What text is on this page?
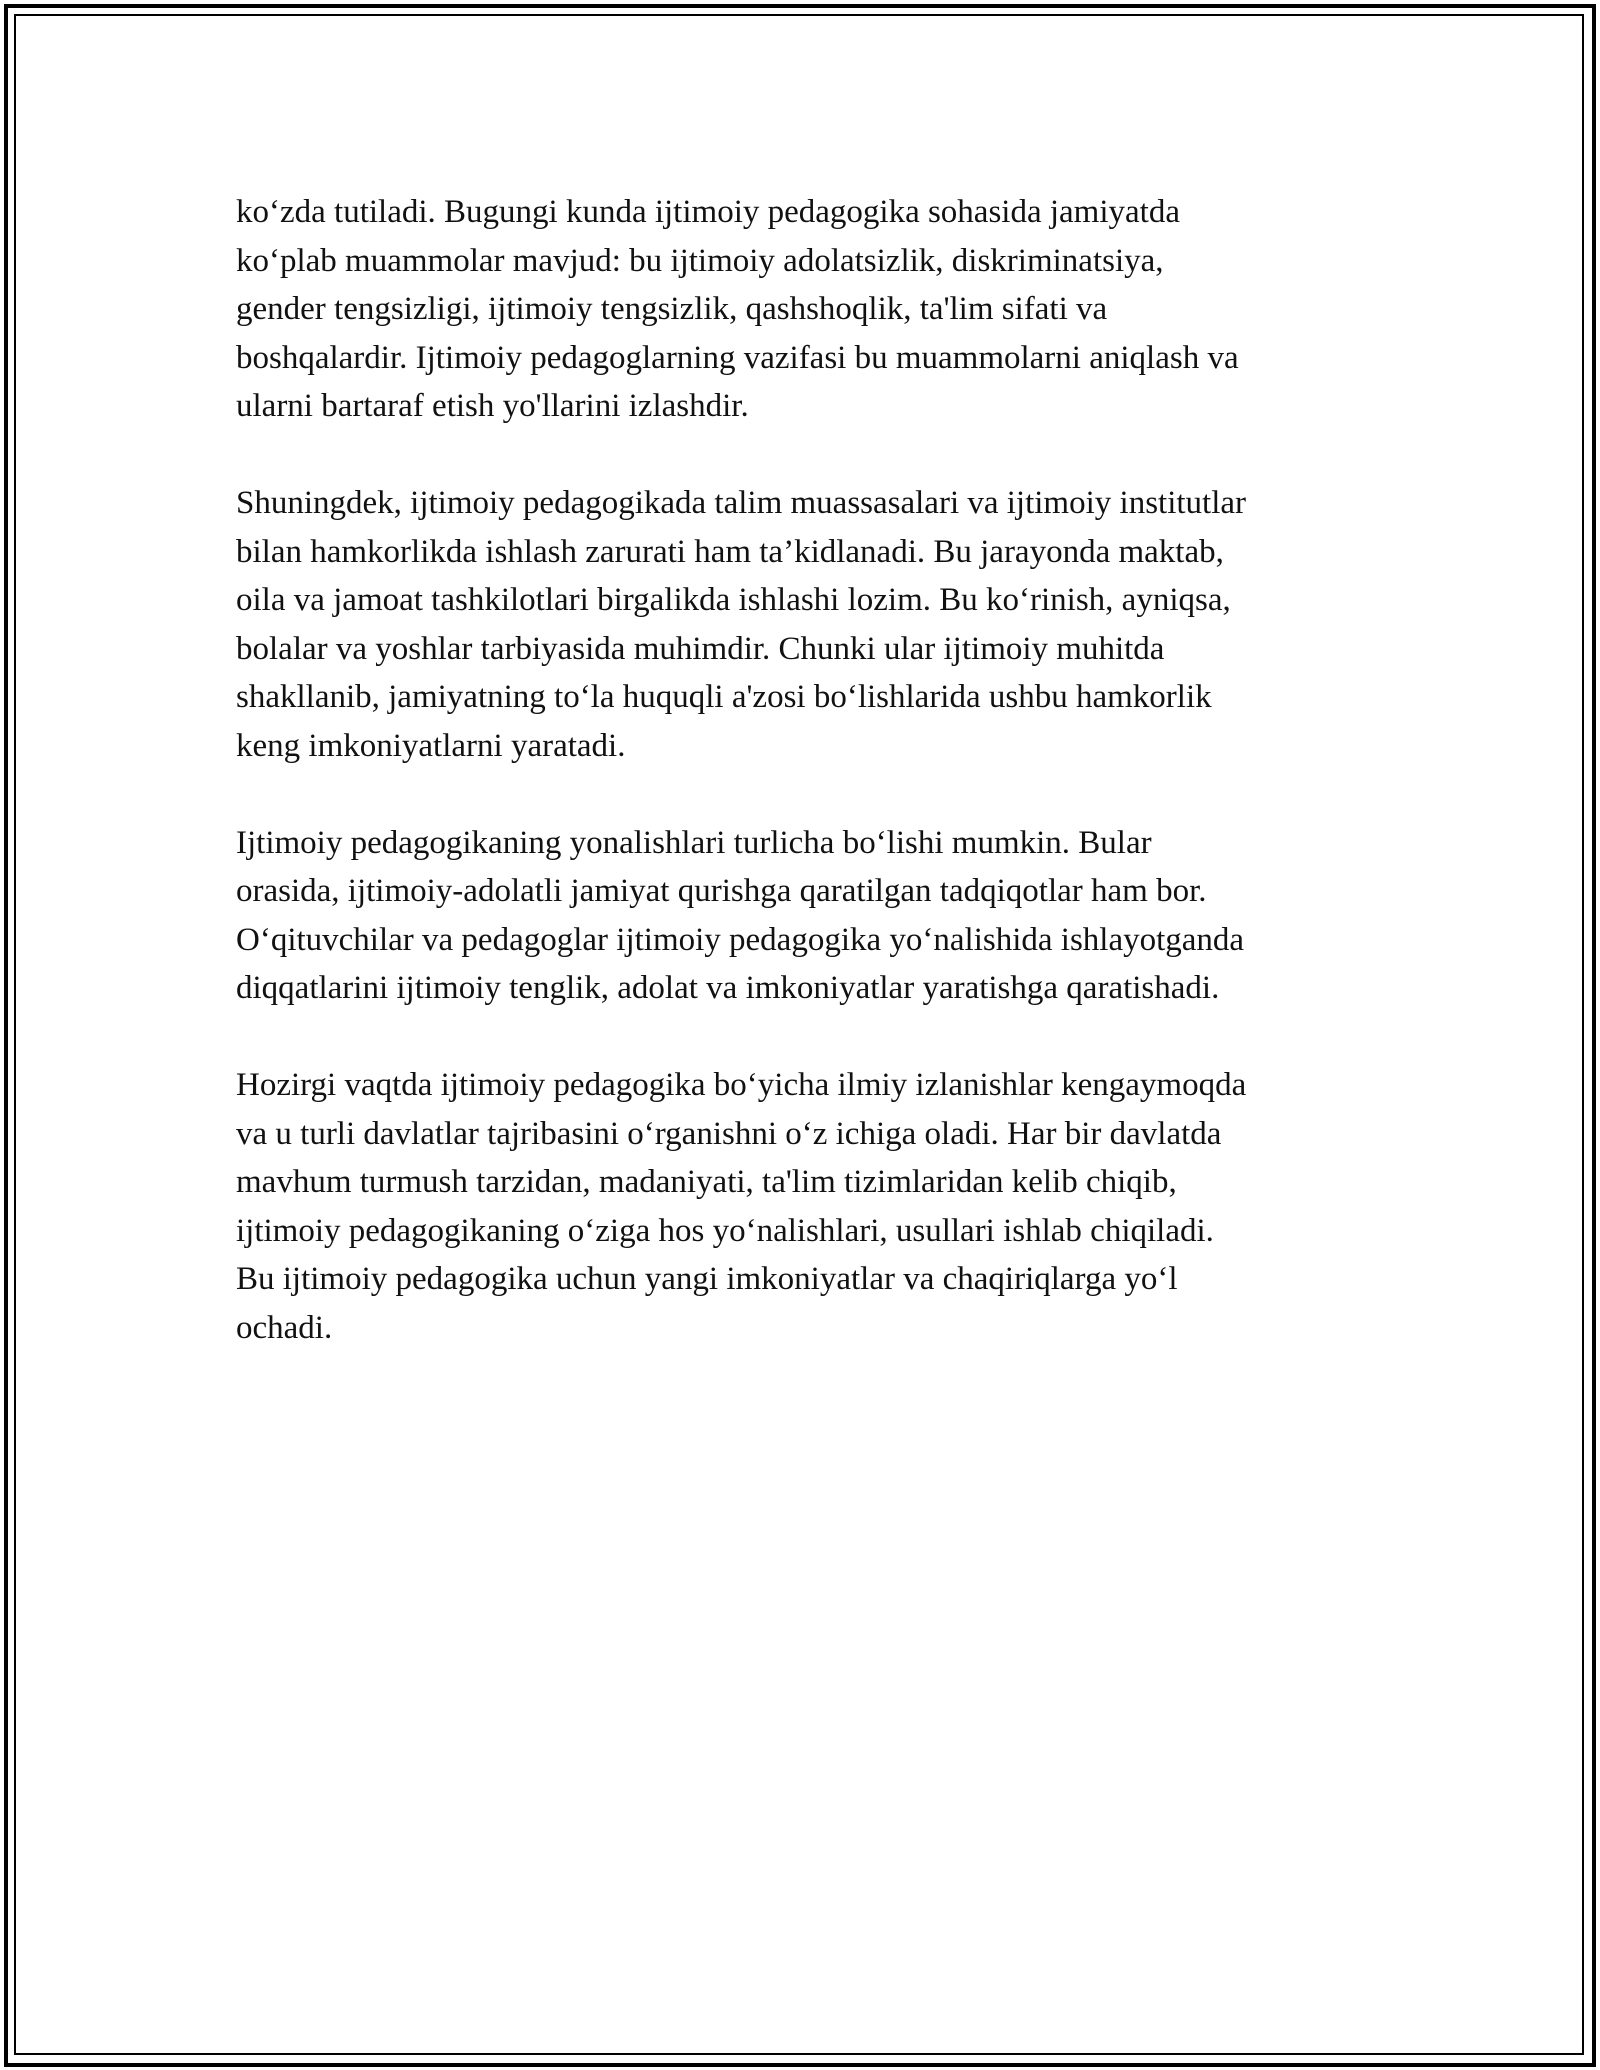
ko‘zda tutiladi. Bugungi kunda ijtimoiy pedagogika sohasida jamiyatda
ko‘plab muammolar mavjud: bu ijtimoiy adolatsizlik, diskriminatsiya,
gender tengsizligi, ijtimoiy tengsizlik, qashshoqlik, ta'lim sifati va
boshqalardir. Ijtimoiy pedagoglarning vazifasi bu muammolarni aniqlash va
ularni bartaraf etish yo'llarini izlashdir.

Shuningdek, ijtimoiy pedagogikada talim muassasalari va ijtimoiy institutlar
bilan hamkorlikda ishlash zarurati ham ta’kidlanadi. Bu jarayonda maktab,
oila va jamoat tashkilotlari birgalikda ishlashi lozim. Bu ko‘rinish, ayniqsa,
bolalar va yoshlar tarbiyasida muhimdir. Chunki ular ijtimoiy muhitda
shakllanib, jamiyatning to‘la huquqli a'zosi bo‘lishlarida ushbu hamkorlik
keng imkoniyatlarni yaratadi.

Ijtimoiy pedagogikaning yonalishlari turlicha bo‘lishi mumkin. Bular
orasida, ijtimoiy-adolatli jamiyat qurishga qaratilgan tadqiqotlar ham bor.
O‘qituvchilar va pedagoglar ijtimoiy pedagogika yo‘nalishida ishlayotganda
diqqatlarini ijtimoiy tenglik, adolat va imkoniyatlar yaratishga qaratishadi.

Hozirgi vaqtda ijtimoiy pedagogika bo‘yicha ilmiy izlanishlar kengaymoqda
va u turli davlatlar tajribasini o‘rganishni o‘z ichiga oladi. Har bir davlatda
mavhum turmush tarzidan, madaniyati, ta'lim tizimlaridan kelib chiqib,
ijtimoiy pedagogikaning o‘ziga hos yo‘nalishlari, usullari ishlab chiqiladi.
Bu ijtimoiy pedagogika uchun yangi imkoniyatlar va chaqiriqlarga yo‘l
ochadi.
